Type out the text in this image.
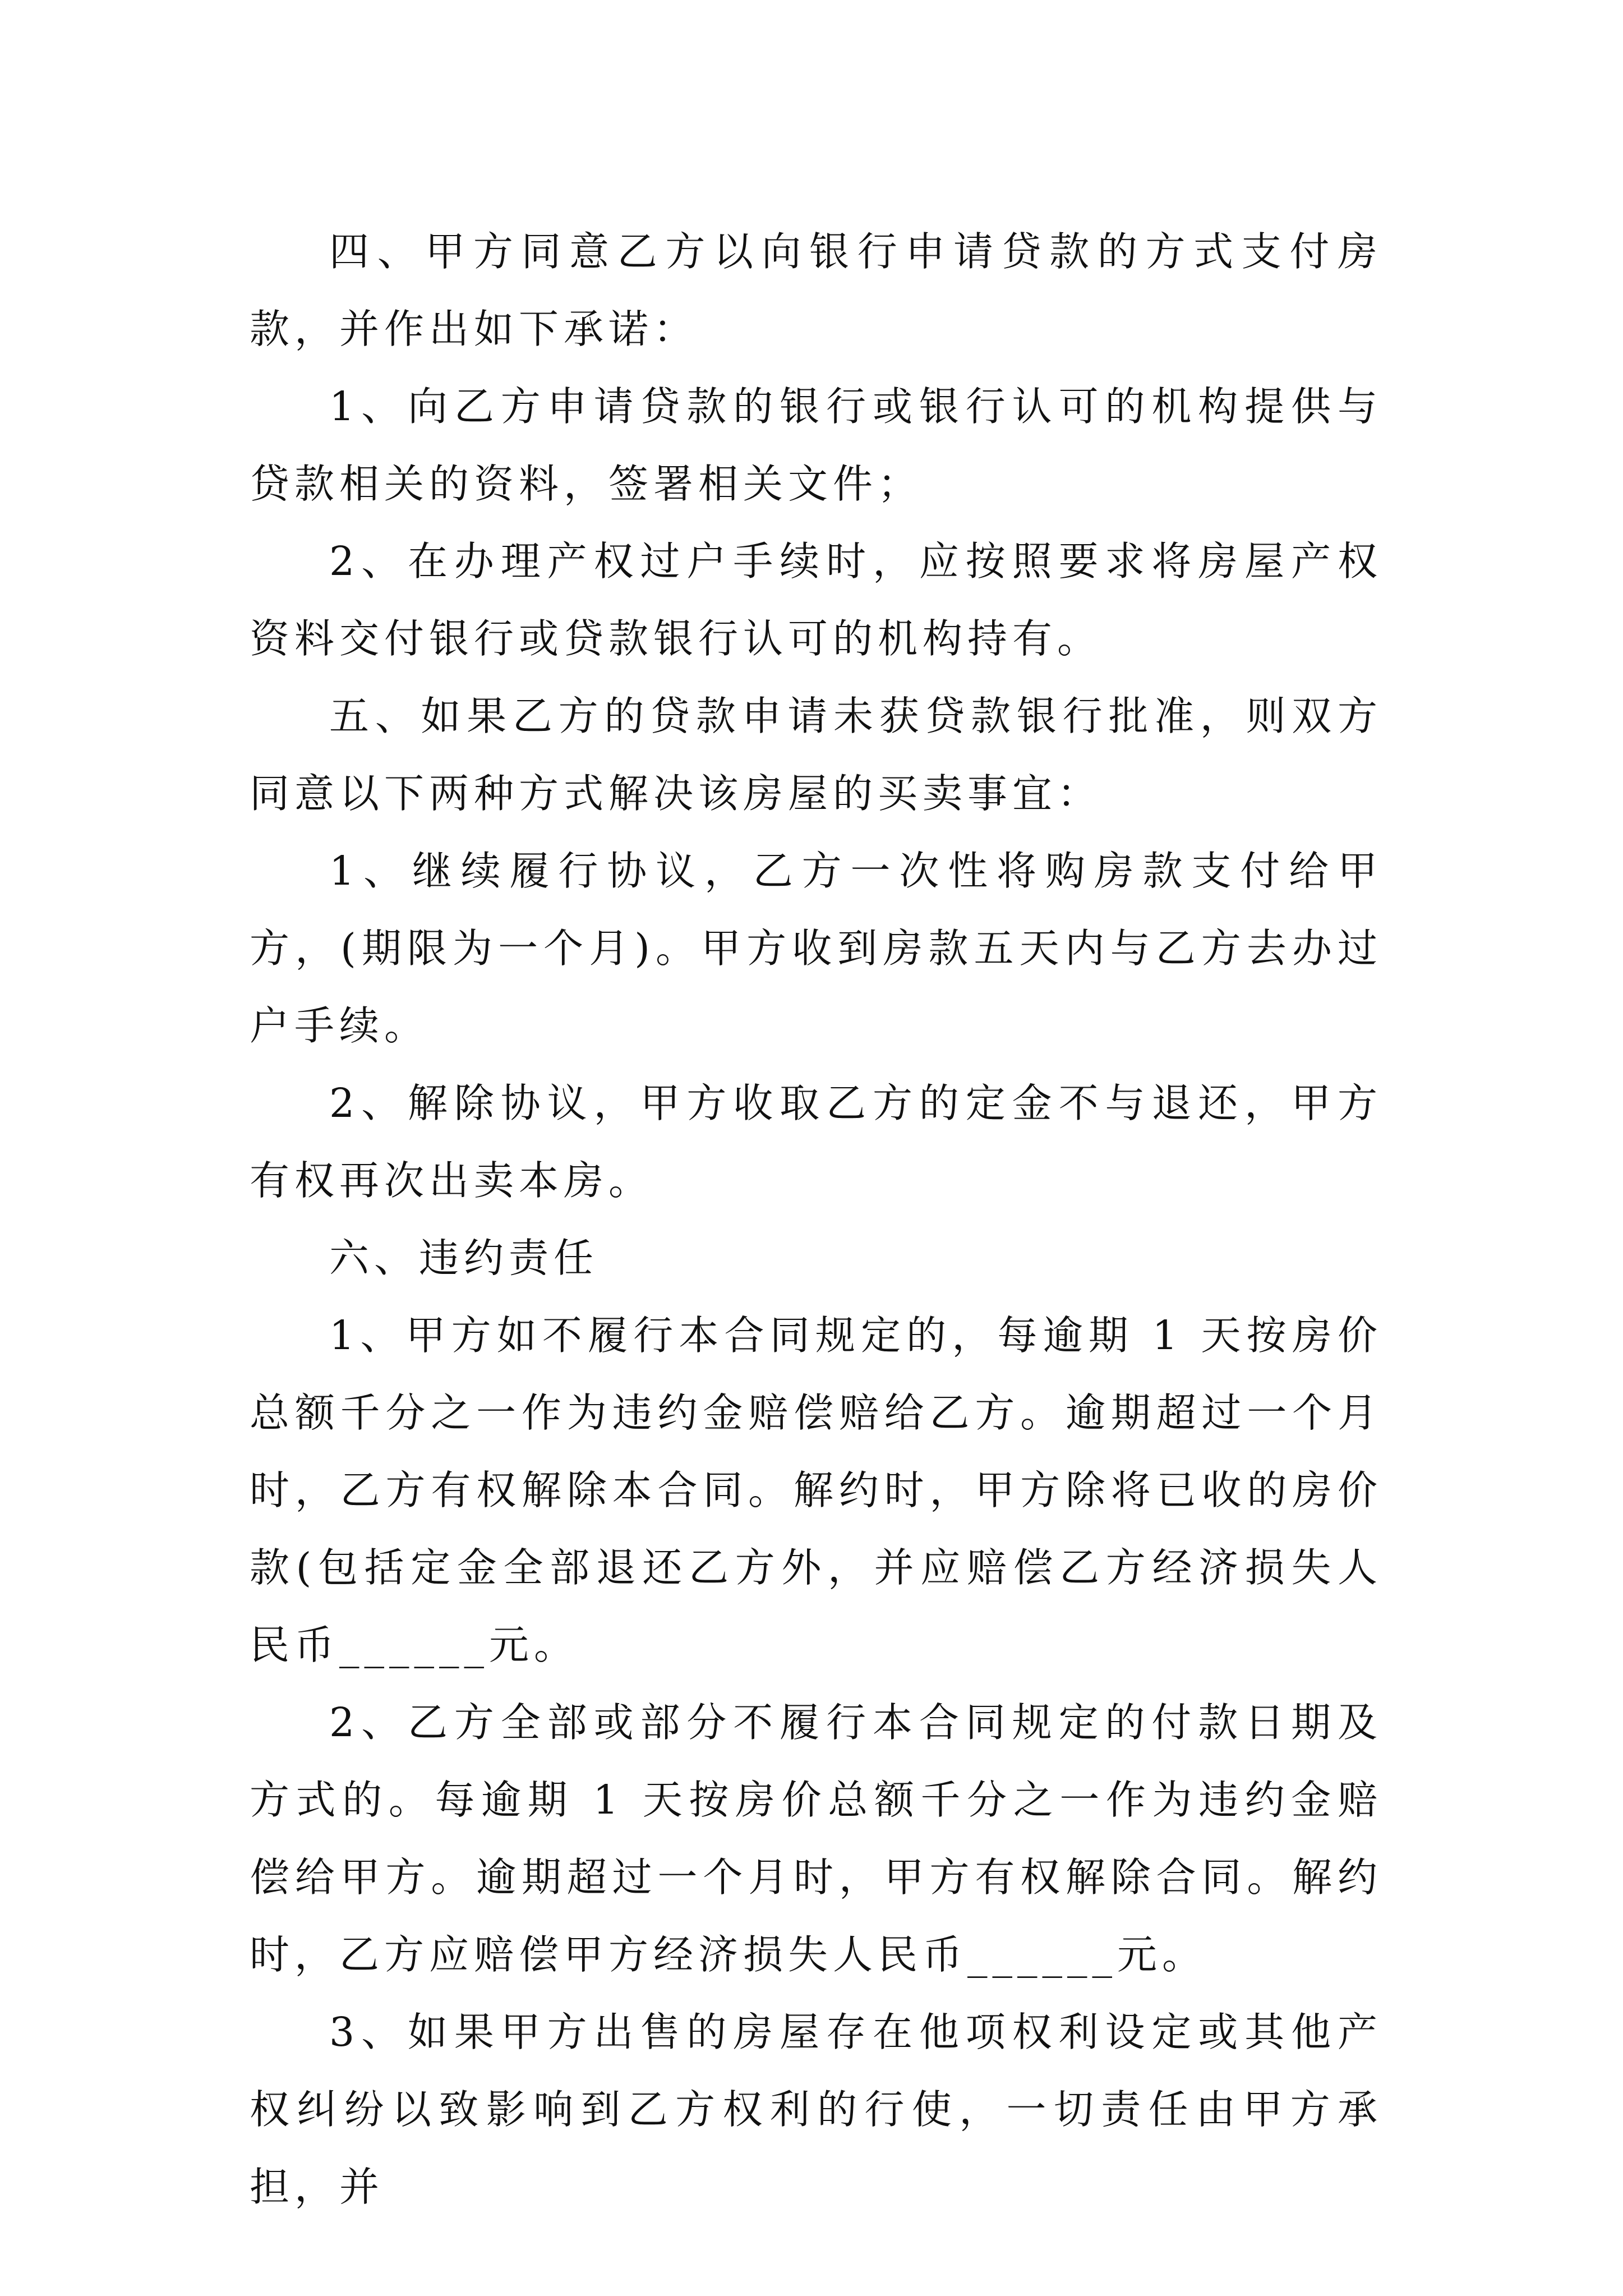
四、甲方同意乙方以向银行申请贷款的方式支付房款，并作出如下承诺：

1、向乙方申请贷款的银行或银行认可的机构提供与贷款相关的资料，签署相关文件；

2、在办理产权过户手续时，应按照要求将房屋产权资料交付银行或贷款银行认可的机构持有。

五、如果乙方的贷款申请未获贷款银行批准，则双方同意以下两种方式解决该房屋的买卖事宜：

1、继续履行协议，乙方一次性将购房款支付给甲方，(期限为一个月)。甲方收到房款五天内与乙方去办过户手续。

2、解除协议，甲方收取乙方的定金不与退还，甲方有权再次出卖本房。

六、违约责任

1、甲方如不履行本合同规定的，每逾期 1 天按房价总额千分之一作为违约金赔偿赔给乙方。逾期超过一个月时，乙方有权解除本合同。解约时，甲方除将已收的房价款(包括定金全部退还乙方外，并应赔偿乙方经济损失人民币______元。

2、乙方全部或部分不履行本合同规定的付款日期及方式的。每逾期 1 天按房价总额千分之一作为违约金赔偿给甲方。逾期超过一个月时，甲方有权解除合同。解约时，乙方应赔偿甲方经济损失人民币______元。

3、如果甲方出售的房屋存在他项权利设定或其他产权纠纷以致影响到乙方权利的行使，一切责任由甲方承担，并
